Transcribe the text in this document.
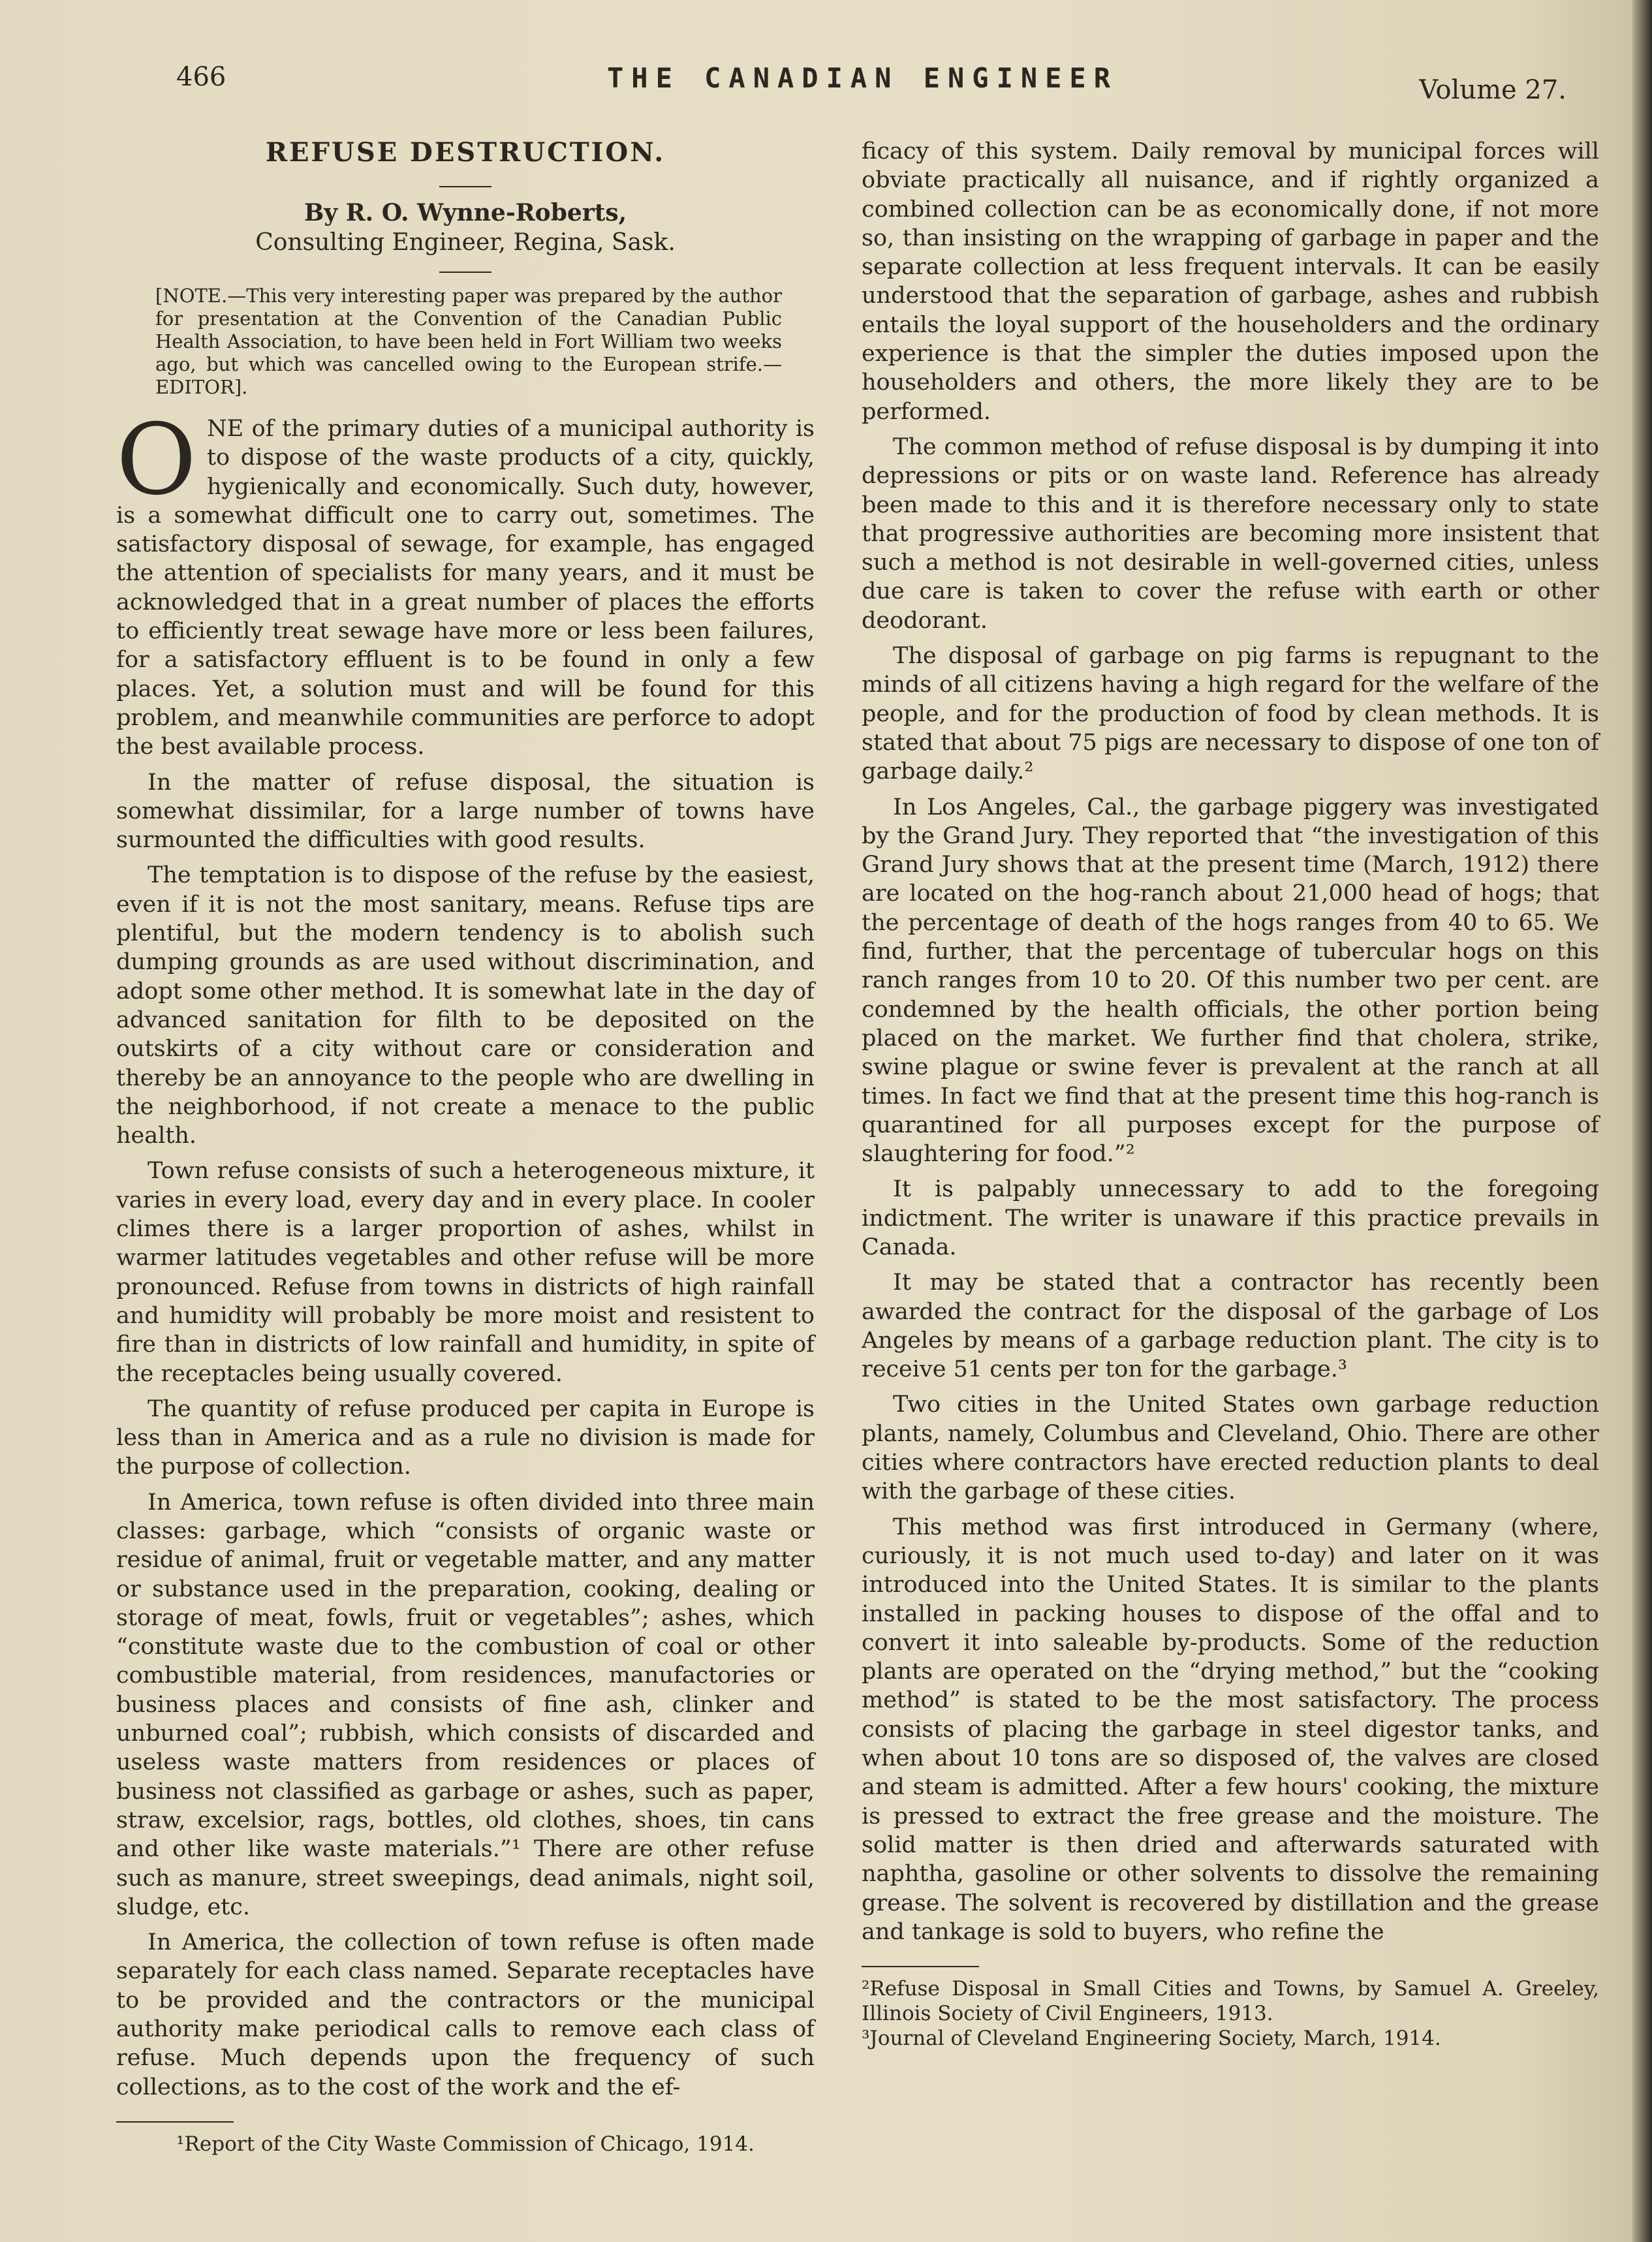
466	THE CANADIAN ENGINEER	Volume 27.
REFUSE DESTRUCTION.
By R. O. Wynne-Roberts,
Consulting Engineer, Regina, Sask.
[NOTE.—This very interesting paper was prepared by the author for presentation at the Convention of the Canadian Public Health Association, to have been held in Fort William two weeks ago, but which was cancelled owing to the European strife.—EDITOR].

ONE of the primary duties of a municipal authority is to dispose of the waste products of a city, quickly, hygienically and economically. Such duty, however, is a somewhat difficult one to carry out, sometimes. The satisfactory disposal of sewage, for example, has engaged the attention of specialists for many years, and it must be acknowledged that in a great number of places the efforts to efficiently treat sewage have more or less been failures, for a satisfactory effluent is to be found in only a few places. Yet, a solution must and will be found for this problem, and meanwhile communities are perforce to adopt the best available process.

In the matter of refuse disposal, the situation is somewhat dissimilar, for a large number of towns have surmounted the difficulties with good results.

The temptation is to dispose of the refuse by the easiest, even if it is not the most sanitary, means. Refuse tips are plentiful, but the modern tendency is to abolish such dumping grounds as are used without discrimination, and adopt some other method. It is somewhat late in the day of advanced sanitation for filth to be deposited on the outskirts of a city without care or consideration and thereby be an annoyance to the people who are dwelling in the neighborhood, if not create a menace to the public health.

Town refuse consists of such a heterogeneous mixture, it varies in every load, every day and in every place. In cooler climes there is a larger proportion of ashes, whilst in warmer latitudes vegetables and other refuse will be more pronounced. Refuse from towns in districts of high rainfall and humidity will probably be more moist and resistent to fire than in districts of low rainfall and humidity, in spite of the receptacles being usually covered.

The quantity of refuse produced per capita in Europe is less than in America and as a rule no division is made for the purpose of collection.

In America, town refuse is often divided into three main classes: garbage, which “consists of organic waste or residue of animal, fruit or vegetable matter, and any matter or substance used in the preparation, cooking, dealing or storage of meat, fowls, fruit or vegetables”; ashes, which “constitute waste due to the combustion of coal or other combustible material, from residences, manufactories or business places and consists of fine ash, clinker and unburned coal”; rubbish, which consists of discarded and useless waste matters from residences or places of business not classified as garbage or ashes, such as paper, straw, excelsior, rags, bottles, old clothes, shoes, tin cans and other like waste materials.”¹ There are other refuse such as manure, street sweepings, dead animals, night soil, sludge, etc.

In America, the collection of town refuse is often made separately for each class named. Separate receptacles have to be provided and the contractors or the municipal authority make periodical calls to remove each class of refuse. Much depends upon the frequency of such collections, as to the cost of the work and the ef-

¹Report of the City Waste Commission of Chicago, 1914.

ficacy of this system. Daily removal by municipal forces will obviate practically all nuisance, and if rightly organized a combined collection can be as economically done, if not more so, than insisting on the wrapping of garbage in paper and the separate collection at less frequent intervals. It can be easily understood that the separation of garbage, ashes and rubbish entails the loyal support of the householders and the ordinary experience is that the simpler the duties imposed upon the householders and others, the more likely they are to be performed.

The common method of refuse disposal is by dumping it into depressions or pits or on waste land. Reference has already been made to this and it is therefore necessary only to state that progressive authorities are becoming more insistent that such a method is not desirable in well-governed cities, unless due care is taken to cover the refuse with earth or other deodorant.

The disposal of garbage on pig farms is repugnant to the minds of all citizens having a high regard for the welfare of the people, and for the production of food by clean methods. It is stated that about 75 pigs are necessary to dispose of one ton of garbage daily.²

In Los Angeles, Cal., the garbage piggery was investigated by the Grand Jury. They reported that “the investigation of this Grand Jury shows that at the present time (March, 1912) there are located on the hog-ranch about 21,000 head of hogs; that the percentage of death of the hogs ranges from 40 to 65. We find, further, that the percentage of tubercular hogs on this ranch ranges from 10 to 20. Of this number two per cent. are condemned by the health officials, the other portion being placed on the market. We further find that cholera, strike, swine plague or swine fever is prevalent at the ranch at all times. In fact we find that at the present time this hog-ranch is quarantined for all purposes except for the purpose of slaughtering for food.”²

It is palpably unnecessary to add to the foregoing indictment. The writer is unaware if this practice prevails in Canada.

It may be stated that a contractor has recently been awarded the contract for the disposal of the garbage of Los Angeles by means of a garbage reduction plant. The city is to receive 51 cents per ton for the garbage.³

Two cities in the United States own garbage reduction plants, namely, Columbus and Cleveland, Ohio. There are other cities where contractors have erected reduction plants to deal with the garbage of these cities.

This method was first introduced in Germany (where, curiously, it is not much used to-day) and later on it was introduced into the United States. It is similar to the plants installed in packing houses to dispose of the offal and to convert it into saleable by-products. Some of the reduction plants are operated on the “drying method,” but the “cooking method” is stated to be the most satisfactory. The process consists of placing the garbage in steel digestor tanks, and when about 10 tons are so disposed of, the valves are closed and steam is admitted. After a few hours' cooking, the mixture is pressed to extract the free grease and the moisture. The solid matter is then dried and afterwards saturated with naphtha, gasoline or other solvents to dissolve the remaining grease. The solvent is recovered by distillation and the grease and tankage is sold to buyers, who refine the

²Refuse Disposal in Small Cities and Towns, by Samuel A. Greeley, Illinois Society of Civil Engineers, 1913.

³Journal of Cleveland Engineering Society, March, 1914.
